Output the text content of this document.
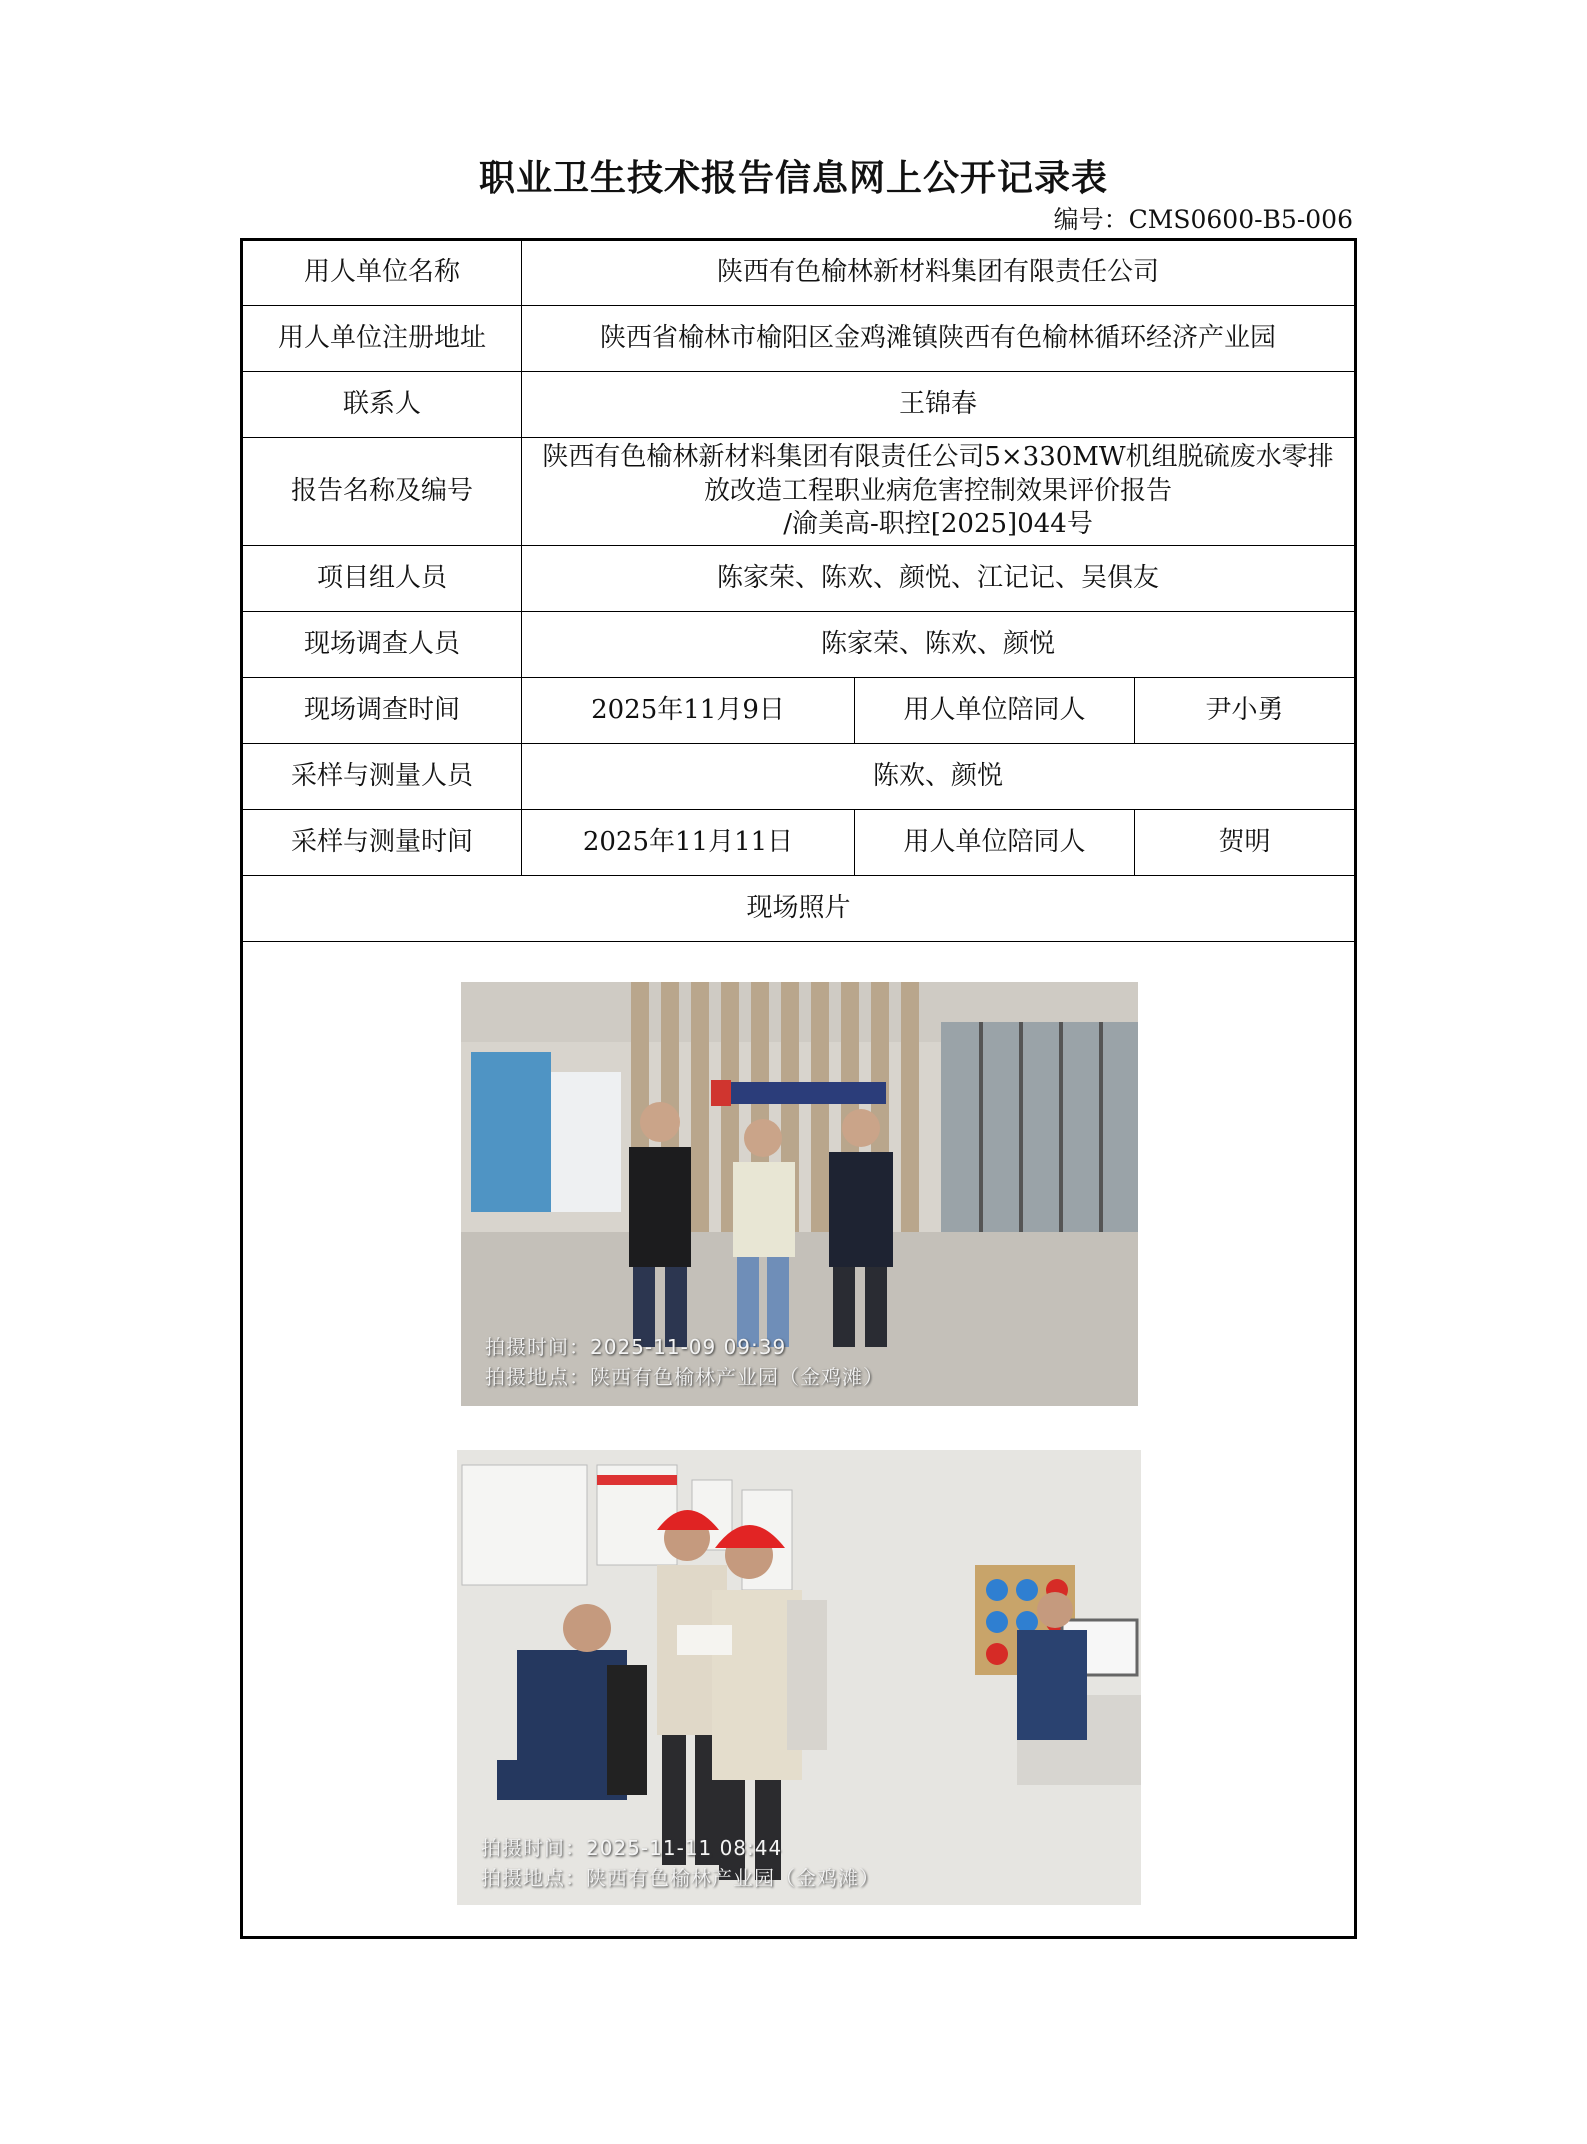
职业卫生技术报告信息网上公开记录表
编号：CMS0600-B5-006
用人单位名称	陕西有色榆林新材料集团有限责任公司		
用人单位注册地址	陕西省榆林市榆阳区金鸡滩镇陕西有色榆林循环经济产业园		
联系人	王锦春		
报告名称及编号	陕西有色榆林新材料集团有限责任公司5×330MW机组脱硫废水零排
放改造工程职业病危害控制效果评价报告
/渝美高-职控[2025]044号		

项目组人员	陈家荣、陈欢、颜悦、江记记、吴俱友		
现场调查人员	陈家荣、陈欢、颜悦		
现场调查时间	2025年11月9日	用人单位陪同人	尹小勇
采样与测量人员	陈欢、颜悦		
采样与测量时间	2025年11月11日	用人单位陪同人	贺明
现场照片			

拍摄时间：2025-11-09 09:39
拍摄地点：陕西有色榆林产业园（金鸡滩）
拍摄时间：2025-11-11 08:44
拍摄地点：陕西有色榆林产业园（金鸡滩）			
